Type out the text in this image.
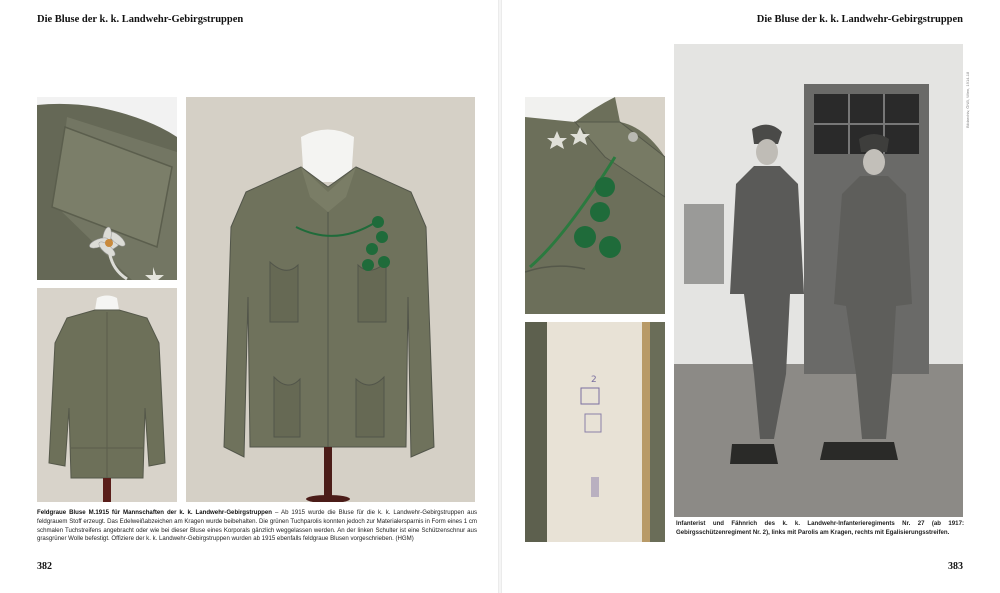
Die Bluse der k. k. Landwehr-Gebirgstruppen	Die Bluse der k. k. Landwehr-Gebirgstruppen
Feldgraue Bluse M.1915 für Mannschaften der k. k. Landwehr-Gebirgstruppen – Ab 1915 wurde die Bluse für die k. k. Landwehr-Gebirgstruppen aus feldgrauem Stoff erzeugt. Das Edelweißabzeichen am Kragen wurde beibehalten. Die grünen Tuchparolis konnten jedoch zur Materialersparnis in Form eines 1 cm schmalen Tuchstreifens angebracht oder wie bei dieser Bluse eines Korporals gänzlich weggelassen werden. An der linken Schulter ist eine Schützenschnur aus grasgrüner Wolle befestigt. Offiziere der k. k. Landwehr-Gebirgstruppen wurden ab 1915 ebenfalls feldgraue Blusen vorgeschrieben. (HGM)
2
Bildarchiv, ÖNB, Wien, 1914-18
Infanterist und Fähnrich des k. k. Landwehr-Infanterieregiments Nr. 27 (ab 1917: Gebirgsschützenregiment Nr. 2), links mit Parolis am Kragen, rechts mit Egalisierungsstreifen.
382	383
